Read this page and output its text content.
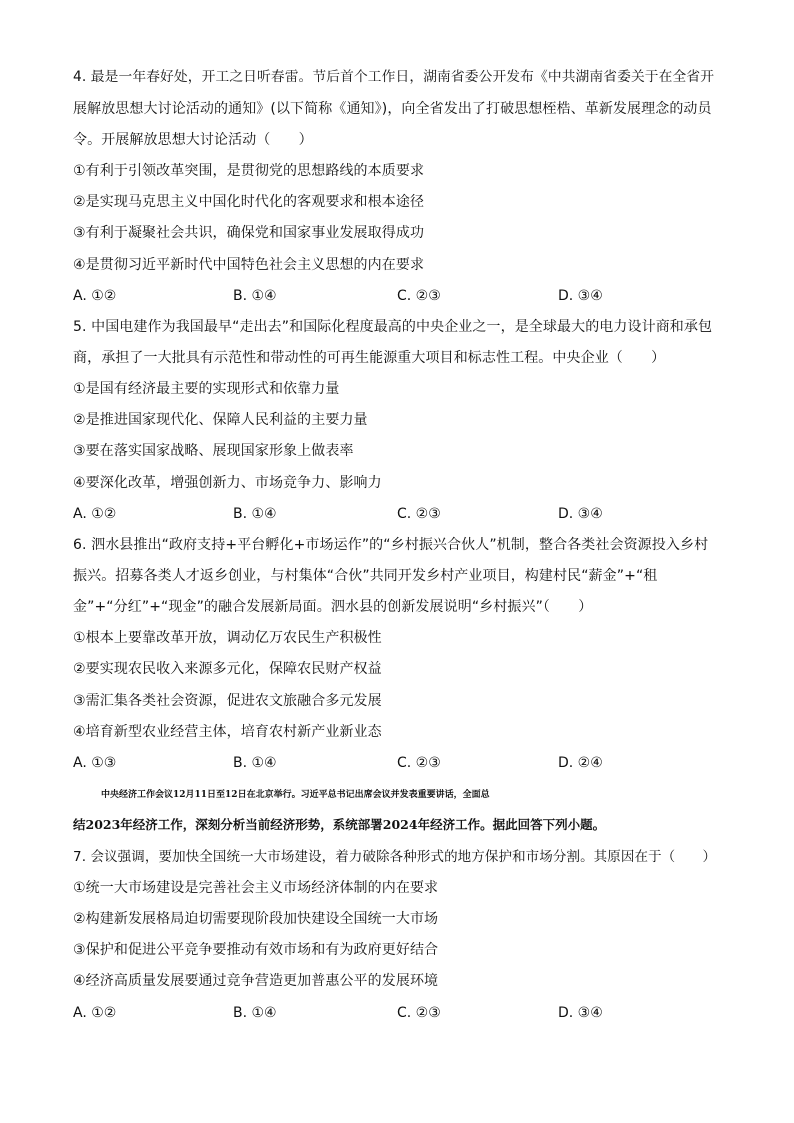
4. 最是一年春好处，开工之日听春雷。节后首个工作日，湖南省委公开发布《中共湖南省委关于在全省开
展解放思想大讨论活动的通知》(以下简称《通知》)，向全省发出了打破思想桎梏、革新发展理念的动员
令。开展解放思想大讨论活动（　　）
①有利于引领改革突围，是贯彻党的思想路线的本质要求
②是实现马克思主义中国化时代化的客观要求和根本途径
③有利于凝聚社会共识，确保党和国家事业发展取得成功
④是贯彻习近平新时代中国特色社会主义思想的内在要求
A. ①②	B. ①④	C. ②③	D. ③④
5. 中国电建作为我国最早“走出去”和国际化程度最高的中央企业之一，是全球最大的电力设计商和承包
商，承担了一大批具有示范性和带动性的可再生能源重大项目和标志性工程。中央企业（　　）
①是国有经济最主要的实现形式和依靠力量
②是推进国家现代化、保障人民利益的主要力量
③要在落实国家战略、展现国家形象上做表率
④要深化改革，增强创新力、市场竞争力、影响力
A. ①②	B. ①④	C. ②③	D. ③④
6. 泗水县推出“政府支持+平台孵化+市场运作”的“乡村振兴合伙人”机制，整合各类社会资源投入乡村
振兴。招募各类人才返乡创业，与村集体“合伙”共同开发乡村产业项目，构建村民“薪金”+“租
金”+“分红”+“现金”的融合发展新局面。泗水县的创新发展说明“乡村振兴”（　　）
①根本上要靠改革开放，调动亿万农民生产积极性
②要实现农民收入来源多元化，保障农民财产权益
③需汇集各类社会资源，促进农文旅融合多元发展
④培育新型农业经营主体，培育农村新产业新业态
A. ①③	B. ①④	C. ②③	D. ②④
中央经济工作会议12月11日至12日在北京举行。习近平总书记出席会议并发表重要讲话，全面总
结2023年经济工作，深刻分析当前经济形势，系统部署2024年经济工作。据此回答下列小题。
7. 会议强调，要加快全国统一大市场建设，着力破除各种形式的地方保护和市场分割。其原因在于（　　）
①统一大市场建设是完善社会主义市场经济体制的内在要求
②构建新发展格局迫切需要现阶段加快建设全国统一大市场
③保护和促进公平竞争要推动有效市场和有为政府更好结合
④经济高质量发展要通过竞争营造更加普惠公平的发展环境
A. ①②	B. ①④	C. ②③	D. ③④
